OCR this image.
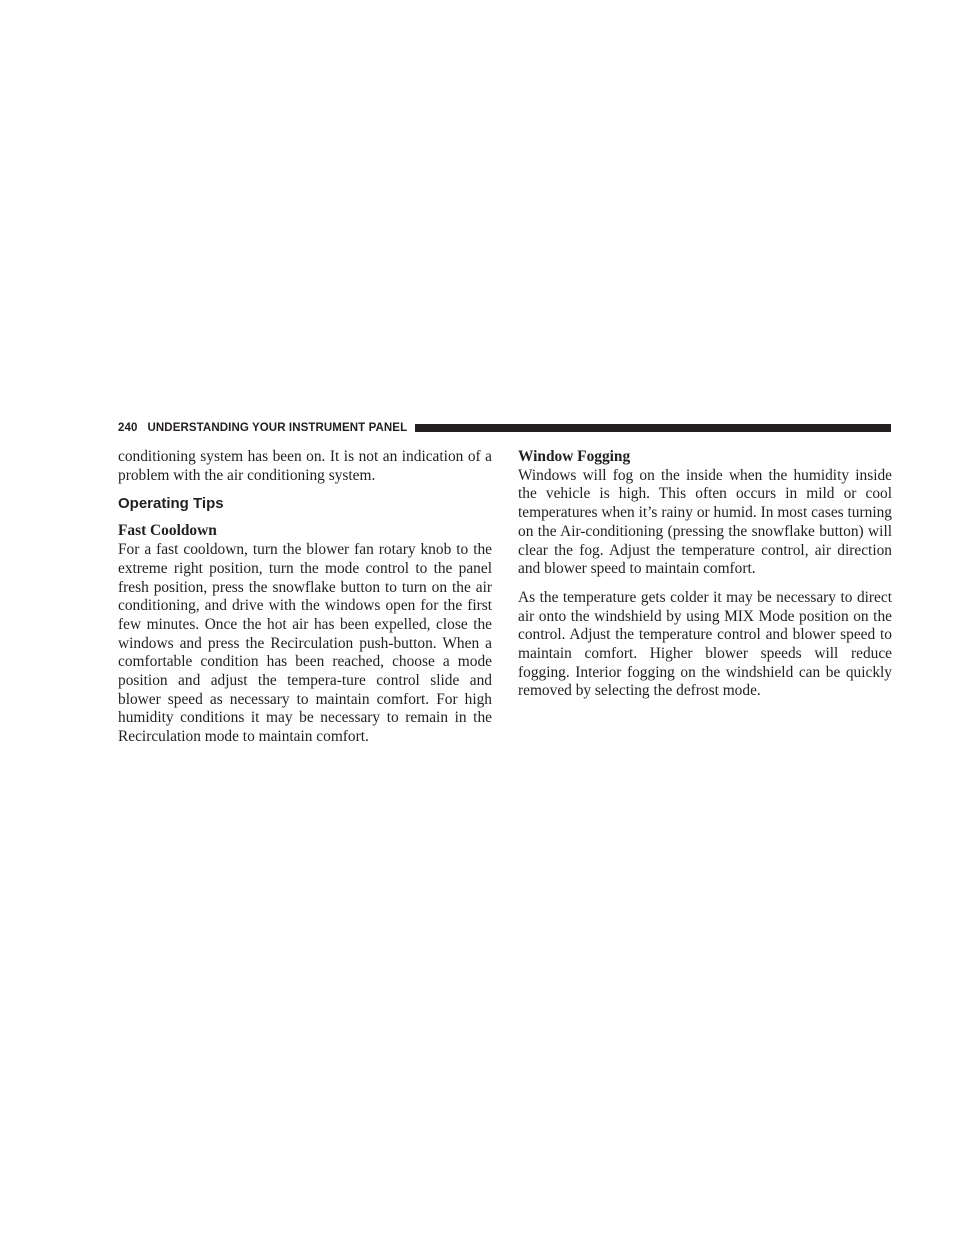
240 UNDERSTANDING YOUR INSTRUMENT PANEL

conditioning system has been on. It is not an indication of a problem with the air conditioning system.

Operating Tips
Fast Cooldown

For a fast cooldown, turn the blower fan rotary knob to the extreme right position, turn the mode control to the panel fresh position, press the snowflake button to turn on the air conditioning, and drive with the windows open for the first few minutes. Once the hot air has been expelled, close the windows and press the Recirculation push-button. When a comfortable condition has been reached, choose a mode position and adjust the tempera-ture control slide and blower speed as necessary to maintain comfort. For high humidity conditions it may be necessary to remain in the Recirculation mode to maintain comfort.

Window Fogging

Windows will fog on the inside when the humidity inside the vehicle is high. This often occurs in mild or cool temperatures when it’s rainy or humid. In most cases turning on the Air-conditioning (pressing the snowflake button) will clear the fog. Adjust the temperature control, air direction and blower speed to maintain comfort.

As the temperature gets colder it may be necessary to direct air onto the windshield by using MIX Mode position on the control. Adjust the temperature control and blower speed to maintain comfort. Higher blower speeds will reduce fogging. Interior fogging on the windshield can be quickly removed by selecting the defrost mode.
